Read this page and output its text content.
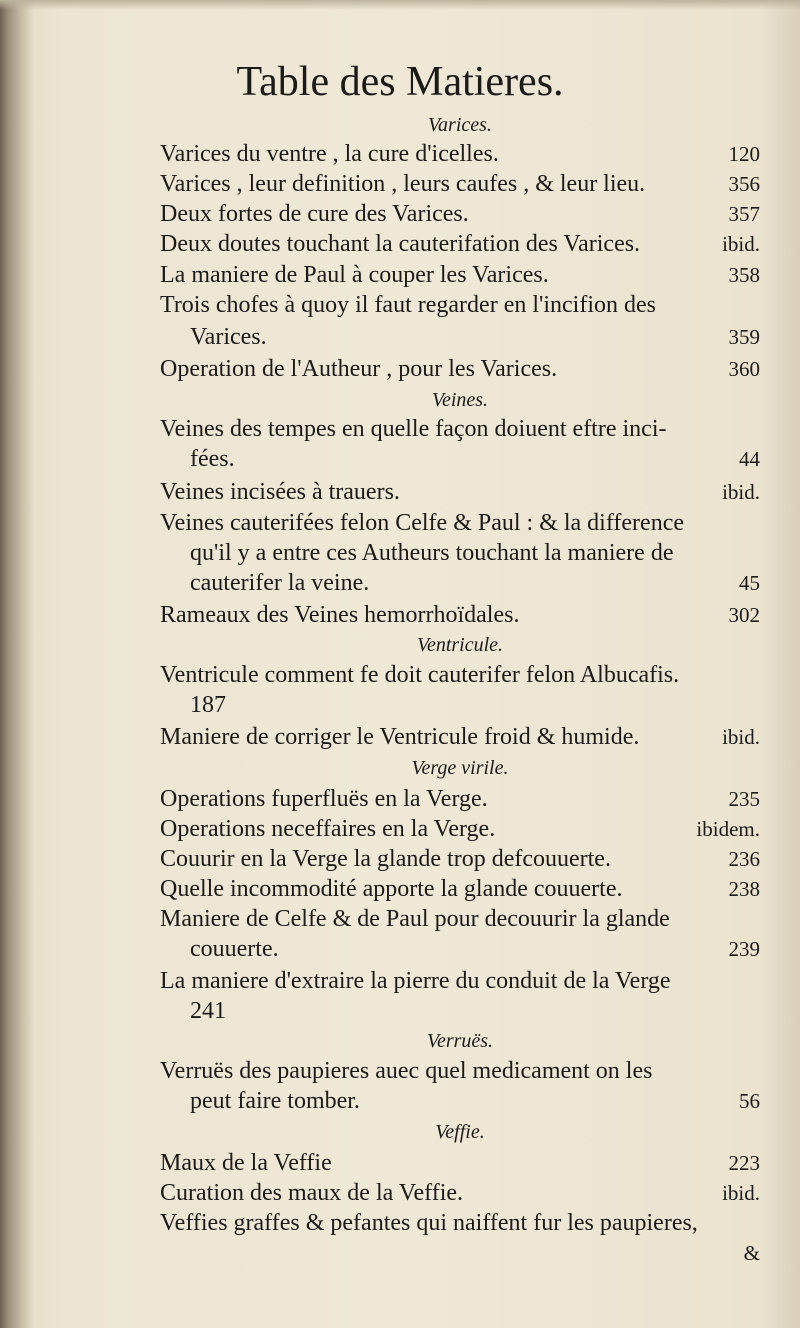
Table des Matieres.
Varices.
Varices du ventre , la cure d'icelles.	120
Varices , leur definition , leurs caufes , & leur lieu.	356
Deux fortes de cure des Varices.	357
Deux doutes touchant la cauterifation des Varices.	ibid.
La maniere de Paul à couper les Varices.	358
Trois chofes à quoy il faut regarder en l'incifion des
Varices.	359
Operation de l'Autheur , pour les Varices.	360
Veines.
Veines des tempes en quelle façon doiuent eftre inci-
fées.	44
Veines incisées à trauers.	ibid.
Veines cauterifées felon Celfe & Paul : & la difference
qu'il y a entre ces Autheurs touchant la maniere de
cauterifer la veine.	45
Rameaux des Veines hemorrhoïdales.	302
Ventricule.
Ventricule comment fe doit cauterifer felon Albucafis.
187
Maniere de corriger le Ventricule froid & humide.	ibid.
Verge virile.
Operations fuperfluës en la Verge.	235
Operations neceffaires en la Verge.	ibidem.
Couurir en la Verge la glande trop defcouuerte.	236
Quelle incommodité apporte la glande couuerte.	238
Maniere de Celfe & de Paul pour decouurir la glande
couuerte.	239
La maniere d'extraire la pierre du conduit de la Verge
241
Verruës.
Verruës des paupieres auec quel medicament on les
peut faire tomber.	56
Veffie.
Maux de la Veffie	223
Curation des maux de la Veffie.	ibid.
Veffies graffes & pefantes qui naiffent fur les paupieres,
&
